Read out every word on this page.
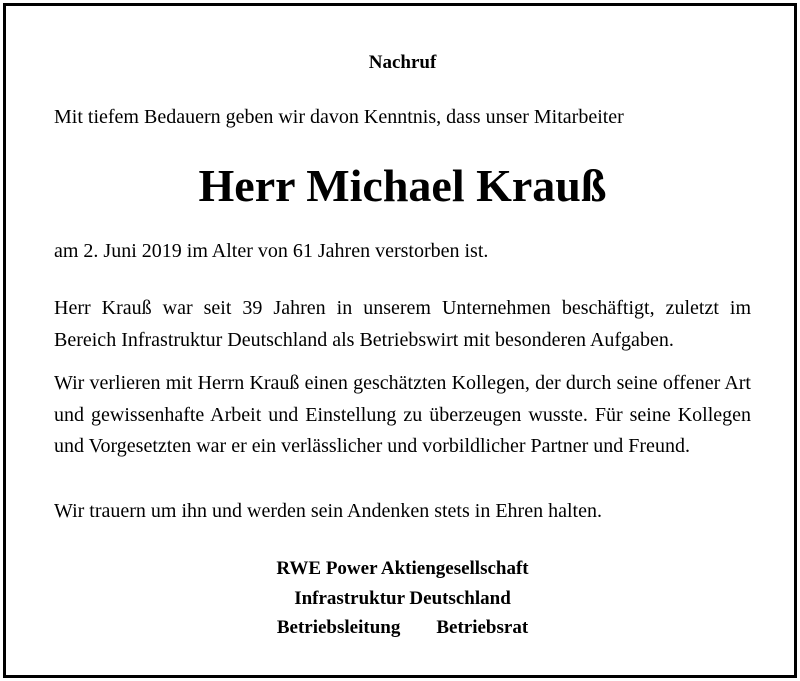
Nachruf
Mit tiefem Bedauern geben wir davon Kenntnis, dass unser Mitarbeiter
Herr Michael Krauß
am 2. Juni 2019 im Alter von 61 Jahren verstorben ist.
Herr Krauß war seit 39 Jahren in unserem Unternehmen beschäftigt, zuletzt im Bereich Infrastruktur Deutschland als Betriebswirt mit besonderen Aufgaben.
Wir verlieren mit Herrn Krauß einen geschätzten Kollegen, der durch seine offener Art und gewissenhafte Arbeit und Einstellung zu überzeugen wusste. Für seine Kollegen und Vorgesetzten war er ein verlässlicher und vorbildlicher Partner und Freund.
Wir trauern um ihn und werden sein Andenken stets in Ehren halten.
RWE Power Aktiengesellschaft
Infrastruktur Deutschland
Betriebsleitung Betriebsrat
